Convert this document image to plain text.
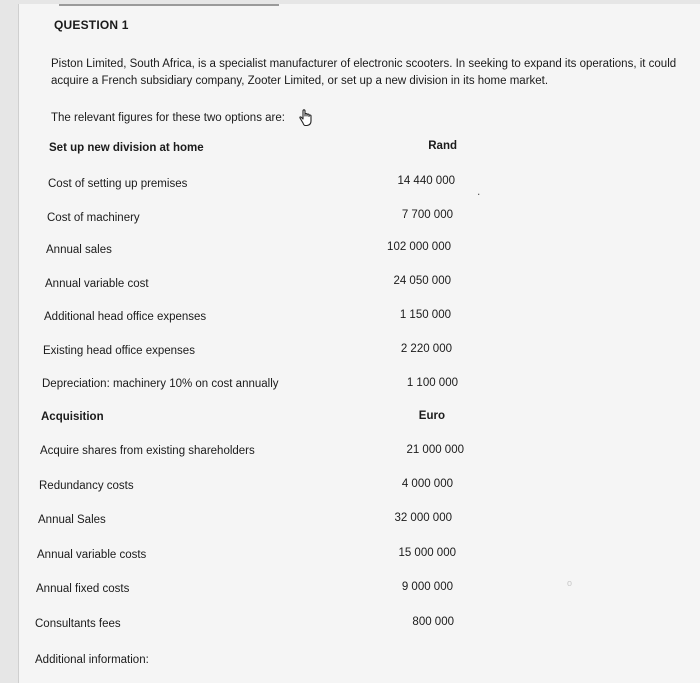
QUESTION 1
Piston Limited, South Africa, is a specialist manufacturer of electronic scooters. In seeking to expand its operations, it could acquire a French subsidiary company, Zooter Limited, or set up a new division in its home market.
The relevant figures for these two options are:
Set up new division at home	Rand
Cost of setting up premises	14 440 000
.
Cost of machinery	7 700 000
Annual sales	102 000 000
Annual variable cost	24 050 000
Additional head office expenses	1 150 000
Existing head office expenses	2 220 000
Depreciation: machinery 10% on cost annually	1 100 000
Acquisition	Euro
Acquire shares from existing shareholders	21 000 000
Redundancy costs	4 000 000
Annual Sales	32 000 000
Annual variable costs	15 000 000
Annual fixed costs	9 000 000
Consultants fees	800 000
o
Additional information:
